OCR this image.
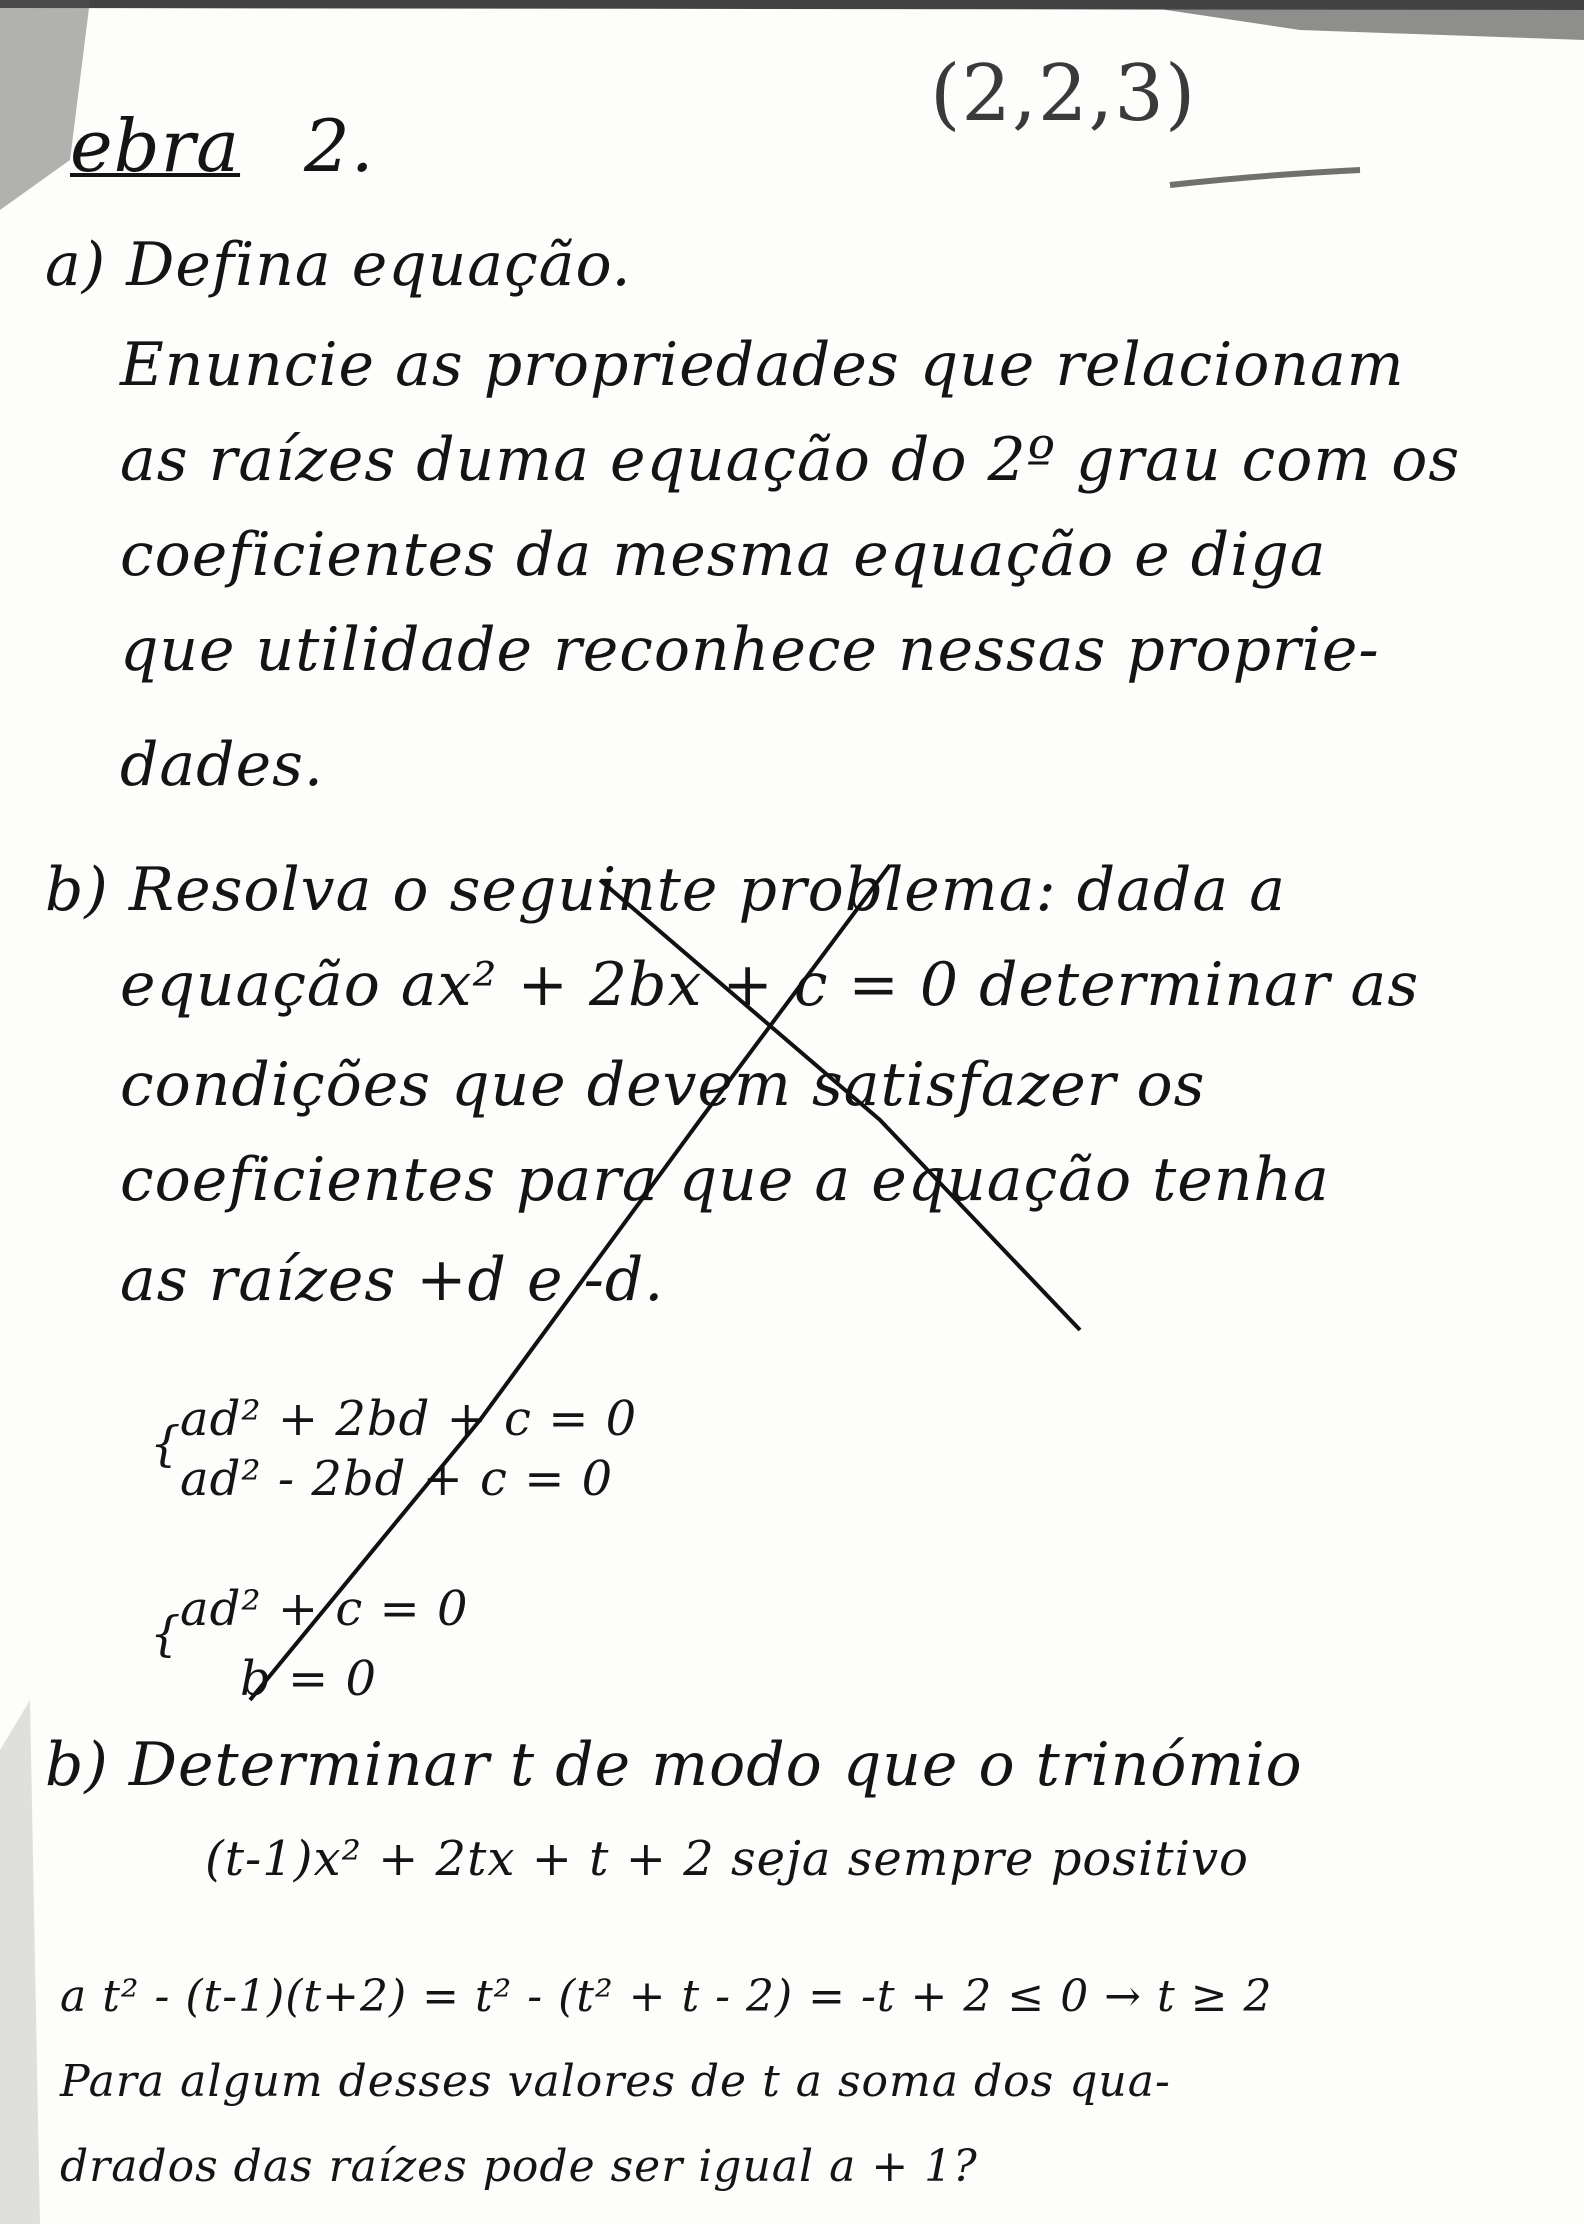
ebra 2.
(2,2,3)
a) Defina equação.
Enuncie as propriedades que relacionam
as raízes duma equação do 2º grau com os
coeficientes da mesma equação e diga
que utilidade reconhece nessas proprie-
dades.
b) Resolva o seguinte problema: dada a
equação ax² + 2bx + c = 0 determinar as
condições que devem satisfazer os
coeficientes para que a equação tenha
as raízes +d e -d.
{
ad² + 2bd + c = 0
ad² - 2bd + c = 0
{
ad² + c = 0
b = 0
b) Determinar t de modo que o trinómio
(t-1)x² + 2tx + t + 2 seja sempre positivo
a t² - (t-1)(t+2) = t² - (t² + t - 2) = -t + 2 ≤ 0 → t ≥ 2
Para algum desses valores de t a soma dos qua-
drados das raízes pode ser igual a + 1?
